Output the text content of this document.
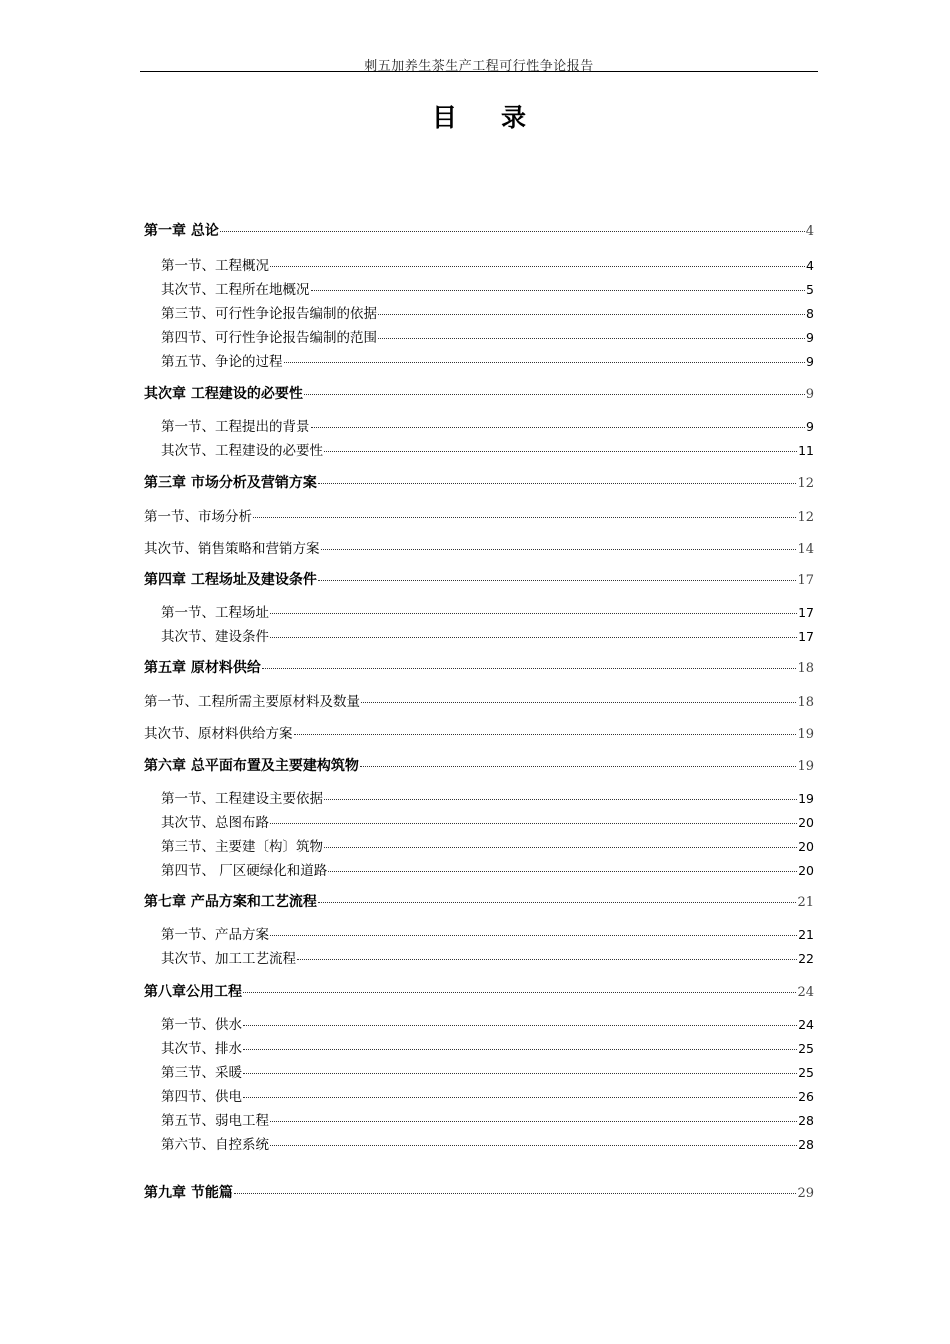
刺五加养生茶生产工程可行性争论报告
目录
第一章 总论	4
第一节、工程概况	4
其次节、工程所在地概况	5
第三节、可行性争论报告编制的依据	8
第四节、可行性争论报告编制的范围	9
第五节、争论的过程	9
其次章 工程建设的必要性	9
第一节、工程提出的背景	9
其次节、工程建设的必要性	11
第三章 市场分析及营销方案	12
第一节、市场分析	12
其次节、销售策略和营销方案	14
第四章 工程场址及建设条件	17
第一节、工程场址	17
其次节、建设条件	17
第五章 原材料供给	18
第一节、工程所需主要原材料及数量	18
其次节、原材料供给方案	19
第六章 总平面布置及主要建构筑物	19
第一节、工程建设主要依据	19
其次节、总图布路	20
第三节、主要建〔构〕筑物	20
第四节、 厂区硬绿化和道路	20
第七章 产品方案和工艺流程	21
第一节、产品方案	21
其次节、加工工艺流程	22
第八章公用工程	24
第一节、供水	24
其次节、排水	25
第三节、采暖	25
第四节、供电	26
第五节、弱电工程	28
第六节、自控系统	28
第九章 节能篇	29
